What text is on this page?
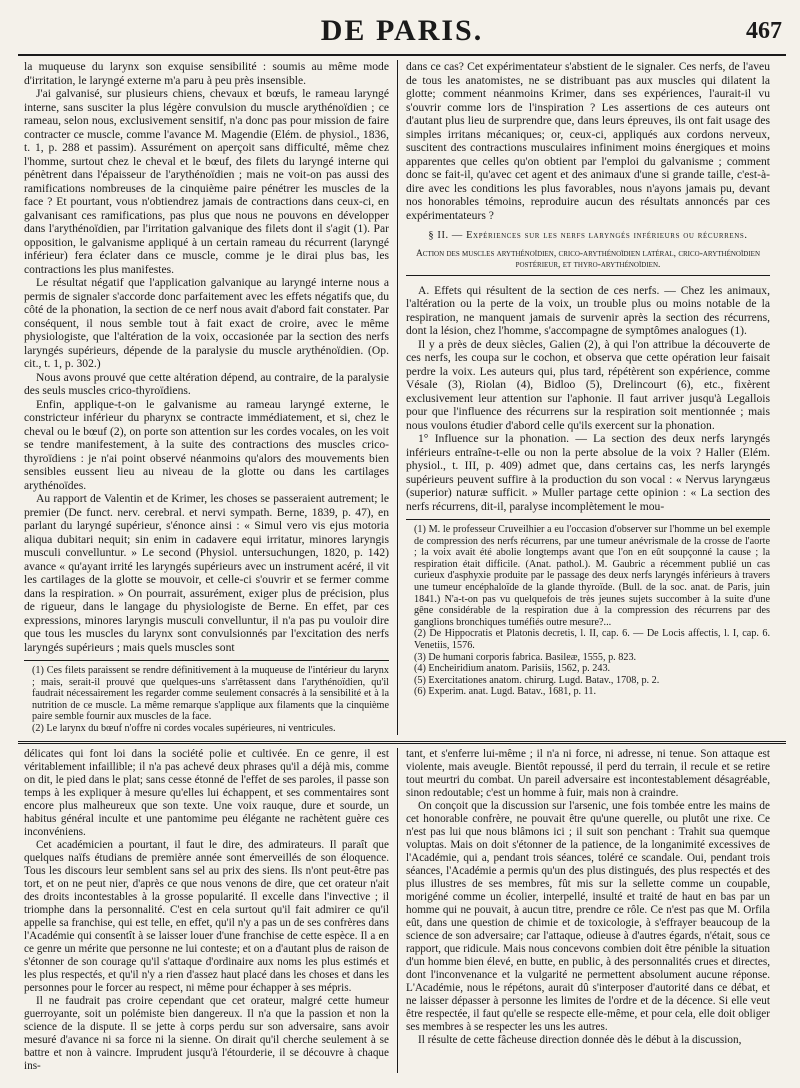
DE PARIS.	467

la muqueuse du larynx son exquise sensibilité : soumis au même mode d'irritation, le laryngé externe m'a paru à peu près insensible.

J'ai galvanisé, sur plusieurs chiens, chevaux et bœufs, le rameau laryngé interne, sans susciter la plus légère convulsion du muscle arythénoïdien ; ce rameau, selon nous, exclusivement sensitif, n'a donc pas pour mission de faire contracter ce muscle, comme l'avance M. Magendie (Elém. de physiol., 1836, t. 1, p. 288 et passim). Assurément on aperçoit sans difficulté, même chez l'homme, surtout chez le cheval et le bœuf, des filets du laryngé interne qui pénètrent dans l'épaisseur de l'arythénoïdien ; mais ne voit-on pas aussi des ramifications nombreuses de la cinquième paire pénétrer les muscles de la face ? Et pourtant, vous n'obtiendrez jamais de contractions dans ceux-ci, en galvanisant ces ramifications, pas plus que nous ne pouvons en développer dans l'arythénoïdien, par l'irritation galvanique des filets dont il s'agit (1). Par opposition, le galvanisme appliqué à un certain rameau du récurrent (laryngé inférieur) fera éclater dans ce muscle, comme je le dirai plus bas, les contractions les plus manifestes.

Le résultat négatif que l'application galvanique au laryngé interne nous a permis de signaler s'accorde donc parfaitement avec les effets négatifs que, du côté de la phonation, la section de ce nerf nous avait d'abord fait constater. Par conséquent, il nous semble tout à fait exact de croire, avec le même physiologiste, que l'altération de la voix, occasionée par la section des nerfs laryngés supérieurs, dépende de la paralysie du muscle arythénoïdien. (Op. cit., t. 1, p. 302.)

Nous avons prouvé que cette altération dépend, au contraire, de la paralysie des seuls muscles crico-thyroïdiens.

Enfin, applique-t-on le galvanisme au rameau laryngé externe, le constricteur inférieur du pharynx se contracte immédiatement, et si, chez le cheval ou le bœuf (2), on porte son attention sur les cordes vocales, on les voit se tendre manifestement, à la suite des contractions des muscles crico-thyroïdiens : je n'ai point observé néanmoins qu'alors des mouvements bien sensibles eussent lieu au niveau de la glotte ou dans les cartilages arythénoïdes.

Au rapport de Valentin et de Krimer, les choses se passeraient autrement; le premier (De funct. nerv. cerebral. et nervi sympath. Berne, 1839, p. 47), en parlant du laryngé supérieur, s'énonce ainsi : « Simul vero vis ejus motoria aliqua dubitari nequit; sin enim in cadavere equi irritatur, minores laryngis musculi convelluntur. » Le second (Physiol. untersuchungen, 1820, p. 142) avance « qu'ayant irrité les laryngés supérieurs avec un instrument acéré, il vit les cartilages de la glotte se mouvoir, et celle-ci s'ouvrir et se fermer comme dans la respiration. » On pourrait, assurément, exiger plus de précision, plus de rigueur, dans le langage du physiologiste de Berne. En effet, par ces expressions, minores laryngis musculi convelluntur, il n'a pas pu vouloir dire que tous les muscles du larynx sont convulsionnés par l'excitation des nerfs laryngés supérieurs ; mais quels muscles sont

(1) Ces filets paraissent se rendre définitivement à la muqueuse de l'intérieur du larynx ; mais, serait-il prouvé que quelques-uns s'arrêtassent dans l'arythénoïdien, qu'il faudrait nécessairement les regarder comme seulement consacrés à la sensibilité et à la nutrition de ce muscle. La même remarque s'applique aux filaments que la cinquième paire semble fournir aux muscles de la face.

(2) Le larynx du bœuf n'offre ni cordes vocales supérieures, ni ventricules.

dans ce cas? Cet expérimentateur s'abstient de le signaler. Ces nerfs, de l'aveu de tous les anatomistes, ne se distribuant pas aux muscles qui dilatent la glotte; comment néanmoins Krimer, dans ses expériences, l'aurait-il vu s'ouvrir comme lors de l'inspiration ? Les assertions de ces auteurs ont d'autant plus lieu de surprendre que, dans leurs épreuves, ils ont fait usage des simples irritans mécaniques; or, ceux-ci, appliqués aux cordons nerveux, suscitent des contractions musculaires infiniment moins énergiques et moins apparentes que celles qu'on obtient par l'emploi du galvanisme ; comment donc se fait-il, qu'avec cet agent et des animaux d'une si grande taille, c'est-à-dire avec les conditions les plus favorables, nous n'ayons jamais pu, devant nos honorables témoins, reproduire aucun des résultats annoncés par ces expérimentateurs ?

§ II. — Expériences sur les nerfs laryngés inférieurs ou récurrens.
Action des muscles arythénoïdien, crico-arythénoïdien latéral, crico-arythénoïdien postérieur, et thyro-arythénoïdien.

A. Effets qui résultent de la section de ces nerfs. — Chez les animaux, l'altération ou la perte de la voix, un trouble plus ou moins notable de la respiration, ne manquent jamais de survenir après la section des récurrens, dont la lésion, chez l'homme, s'accompagne de symptômes analogues (1).

Il y a près de deux siècles, Galien (2), à qui l'on attribue la découverte de ces nerfs, les coupa sur le cochon, et observa que cette opération leur faisait perdre la voix. Les auteurs qui, plus tard, répétèrent son expérience, comme Vésale (3), Riolan (4), Bidloo (5), Drelincourt (6), etc., fixèrent exclusivement leur attention sur l'aphonie. Il faut arriver jusqu'à Legallois pour que l'influence des récurrens sur la respiration soit mentionnée ; mais nous voulons étudier d'abord celle qu'ils exercent sur la phonation.

1° Influence sur la phonation. — La section des deux nerfs laryngés inférieurs entraîne-t-elle ou non la perte absolue de la voix ? Haller (Elém. physiol., t. III, p. 409) admet que, dans certains cas, les nerfs laryngés supérieurs peuvent suffire à la production du son vocal : « Nervus laryngæus (superior) naturæ sufficit. » Muller partage cette opinion : « La section des nerfs récurrens, dit-il, paralyse incomplètement le mou-

(1) M. le professeur Cruveilhier a eu l'occasion d'observer sur l'homme un bel exemple de compression des nerfs récurrens, par une tumeur anévrismale de la crosse de l'aorte ; la voix avait été abolie longtemps avant que l'on en eût soupçonné la cause ; la respiration était difficile. (Anat. pathol.). M. Gaubric a récemment publié un cas curieux d'asphyxie produite par le passage des deux nerfs laryngés inférieurs à travers une tumeur encéphaloïde de la glande thyroïde. (Bull. de la soc. anat. de Paris, juin 1841.) N'a-t-on pas vu quelquefois de très jeunes sujets succomber à la suite d'une gêne considérable de la respiration due à la compression des récurrens par des ganglions bronchiques tuméfiés outre mesure?...

(2) De Hippocratis et Platonis decretis, l. II, cap. 6. — De Locis affectis, l. I, cap. 6. Venetiis, 1576.

(3) De humani corporis fabrica. Basileæ, 1555, p. 823.

(4) Encheiridium anatom. Parisiis, 1562, p. 243.

(5) Exercitationes anatom. chirurg. Lugd. Batav., 1708, p. 2.

(6) Experim. anat. Lugd. Batav., 1681, p. 11.

délicates qui font loi dans la société polie et cultivée. En ce genre, il est véritablement infaillible; il n'a pas achevé deux phrases qu'il a déjà mis, comme on dit, le pied dans le plat; sans cesse étonné de l'effet de ses paroles, il passe son temps à les expliquer à mesure qu'elles lui échappent, et ses commentaires sont encore plus malheureux que son texte. Une voix rauque, dure et sourde, un habitus général inculte et une pantomime peu élégante ne rachètent guère ces inconvéniens.

Cet académicien a pourtant, il faut le dire, des admirateurs. Il paraît que quelques naïfs étudians de première année sont émerveillés de son éloquence. Tous les discours leur semblent sans sel au prix des siens. Ils n'ont peut-être pas tort, et on ne peut nier, d'après ce que nous venons de dire, que cet orateur n'ait des droits incontestables à la grosse popularité. Il excelle dans l'invective ; il triomphe dans la personnalité. C'est en cela surtout qu'il fait admirer ce qu'il appelle sa franchise, qui est telle, en effet, qu'il n'y a pas un de ses confrères dans l'Académie qui consentît à se laisser louer d'une franchise de cette espèce. Il a en ce genre un mérite que personne ne lui conteste; et on a d'autant plus de raison de s'étonner de son courage qu'il s'attaque d'ordinaire aux noms les plus estimés et les plus respectés, et qu'il n'y a rien d'assez haut placé dans les choses et dans les personnes pour le forcer au respect, ni même pour échapper à ses mépris.

Il ne faudrait pas croire cependant que cet orateur, malgré cette humeur guerroyante, soit un polémiste bien dangereux. Il n'a que la passion et non la science de la dispute. Il se jette à corps perdu sur son adversaire, sans avoir mesuré d'avance ni sa force ni la sienne. On dirait qu'il cherche seulement à se battre et non à vaincre. Imprudent jusqu'à l'étourderie, il se découvre à chaque ins-

tant, et s'enferre lui-même ; il n'a ni force, ni adresse, ni tenue. Son attaque est violente, mais aveugle. Bientôt repoussé, il perd du terrain, il recule et se retire tout meurtri du combat. Un pareil adversaire est incontestablement désagréable, sinon redoutable; c'est un homme à fuir, mais non à craindre.

On conçoit que la discussion sur l'arsenic, une fois tombée entre les mains de cet honorable confrère, ne pouvait être qu'une querelle, ou plutôt une rixe. Ce n'est pas lui que nous blâmons ici ; il suit son penchant : Trahit sua quemque voluptas. Mais on doit s'étonner de la patience, de la longanimité excessives de l'Académie, qui a, pendant trois séances, toléré ce scandale. Oui, pendant trois séances, l'Académie a permis qu'un des plus distingués, des plus respectés et des plus illustres de ses membres, fût mis sur la sellette comme un coupable, morigéné comme un écolier, interpellé, insulté et traité de haut en bas par un homme qui ne pouvait, à aucun titre, prendre ce rôle. Ce n'est pas que M. Orfila eût, dans une question de chimie et de toxicologie, à s'effrayer beaucoup de la science de son adversaire; car l'attaque, odieuse à d'autres égards, n'était, sous ce rapport, que ridicule. Mais nous concevons combien doit être pénible la situation d'un homme bien élevé, en butte, en public, à des personnalités crues et directes, dont l'inconvenance et la vulgarité ne permettent absolument aucune réponse. L'Académie, nous le répétons, aurait dû s'interposer d'autorité dans ce débat, et ne laisser dépasser à personne les limites de l'ordre et de la décence. Si elle veut être respectée, il faut qu'elle se respecte elle-même, et pour cela, elle doit obliger ses membres à se respecter les uns les autres.

Il résulte de cette fâcheuse direction donnée dès le début à la discussion,
